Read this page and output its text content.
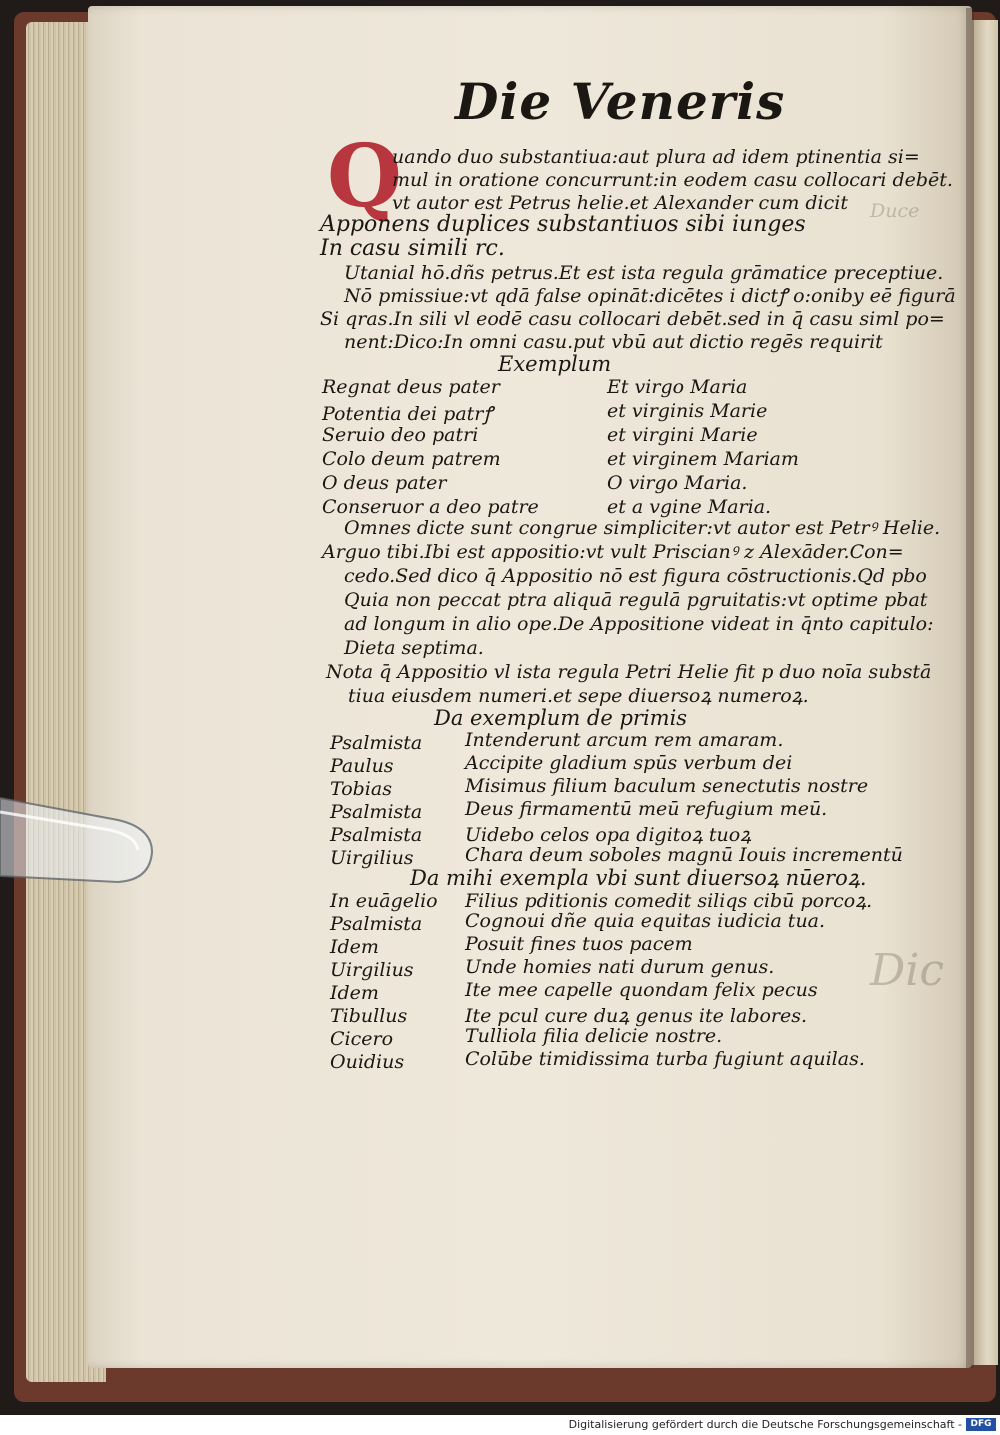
Duce
Dic
Die Veneris
Q
uando duo substantiua:aut plura ad idem ptinentia si=
mul in oratione concurrunt:in eodem casu collocari debēt.
vt autor est Petrus helie.et Alexander cum dicit
Apponens duplices substantiuos sibi iunges
In casu simili rc.
Utanial hō.dñs petrus.Et est ista regula grāmatice preceptiue.
Nō pmissiue:vt qdā false opināt:dicētes i dictꝭ o:oniby eē figurā
Si qras.In sili vl eodē casu collocari debēt.sed in q̄ casu siml po=
nent:Dico:In omni casu.put vbū aut dictio regēs requirit
Exemplum
Regnat deus pater	Et virgo Maria
Potentia dei patrꝭ	et virginis Marie
Seruio deo patri	et virgini Marie
Colo deum patrem	et virginem Mariam
O deus pater	O virgo Maria.
Conseruor a deo patre	et a vgine Maria.
Omnes dicte sunt congrue simpliciter:vt autor est Petrꝰ Helie.
Arguo tibi.Ibi est appositio:vt vult Priscianꝰ z Alexāder.Con=
cedo.Sed dico q̄ Appositio nō est figura cōstructionis.Qd pbo
Quia non peccat ptra aliquā regulā pgruitatis:vt optime pbat
ad longum in alio ope.De Appositione videat in q̄nto capitulo:
Dieta septima.
Nota q̄ Appositio vl ista regula Petri Helie fit p duo noīa substā
tiua eiusdem numeri.et sepe diuersoꝝ numeroꝝ.
Da exemplum de primis
Psalmista Intenderunt arcum rem amaram.
Paulus	Accipite gladium spūs verbum dei
Tobias	Misimus filium baculum senectutis nostre
Psalmista Deus firmamentū meū refugium meū.
Psalmista Uidebo celos opa digitoꝝ tuoꝝ
Uirgilius	Chara deum soboles magnū Iouis incrementū
Da mihi exempla vbi sunt diuersoꝝ nūeroꝝ.
In euāgelio Filius pditionis comedit siliqs cibū porcoꝝ.
Psalmista Cognoui dñe quia equitas iudicia tua.
Idem	Posuit fines tuos pacem
Uirgilius	Unde homies nati durum genus.
Idem	Ite mee capelle quondam felix pecus
Tibullus	Ite pcul cure duꝝ genus ite labores.
Cicero	Tulliola filia delicie nostre.
Ouidius	Colūbe timidissima turba fugiunt aquilas.
Digitalisierung gefördert durch die Deutsche Forschungsgemeinschaft - DFG
